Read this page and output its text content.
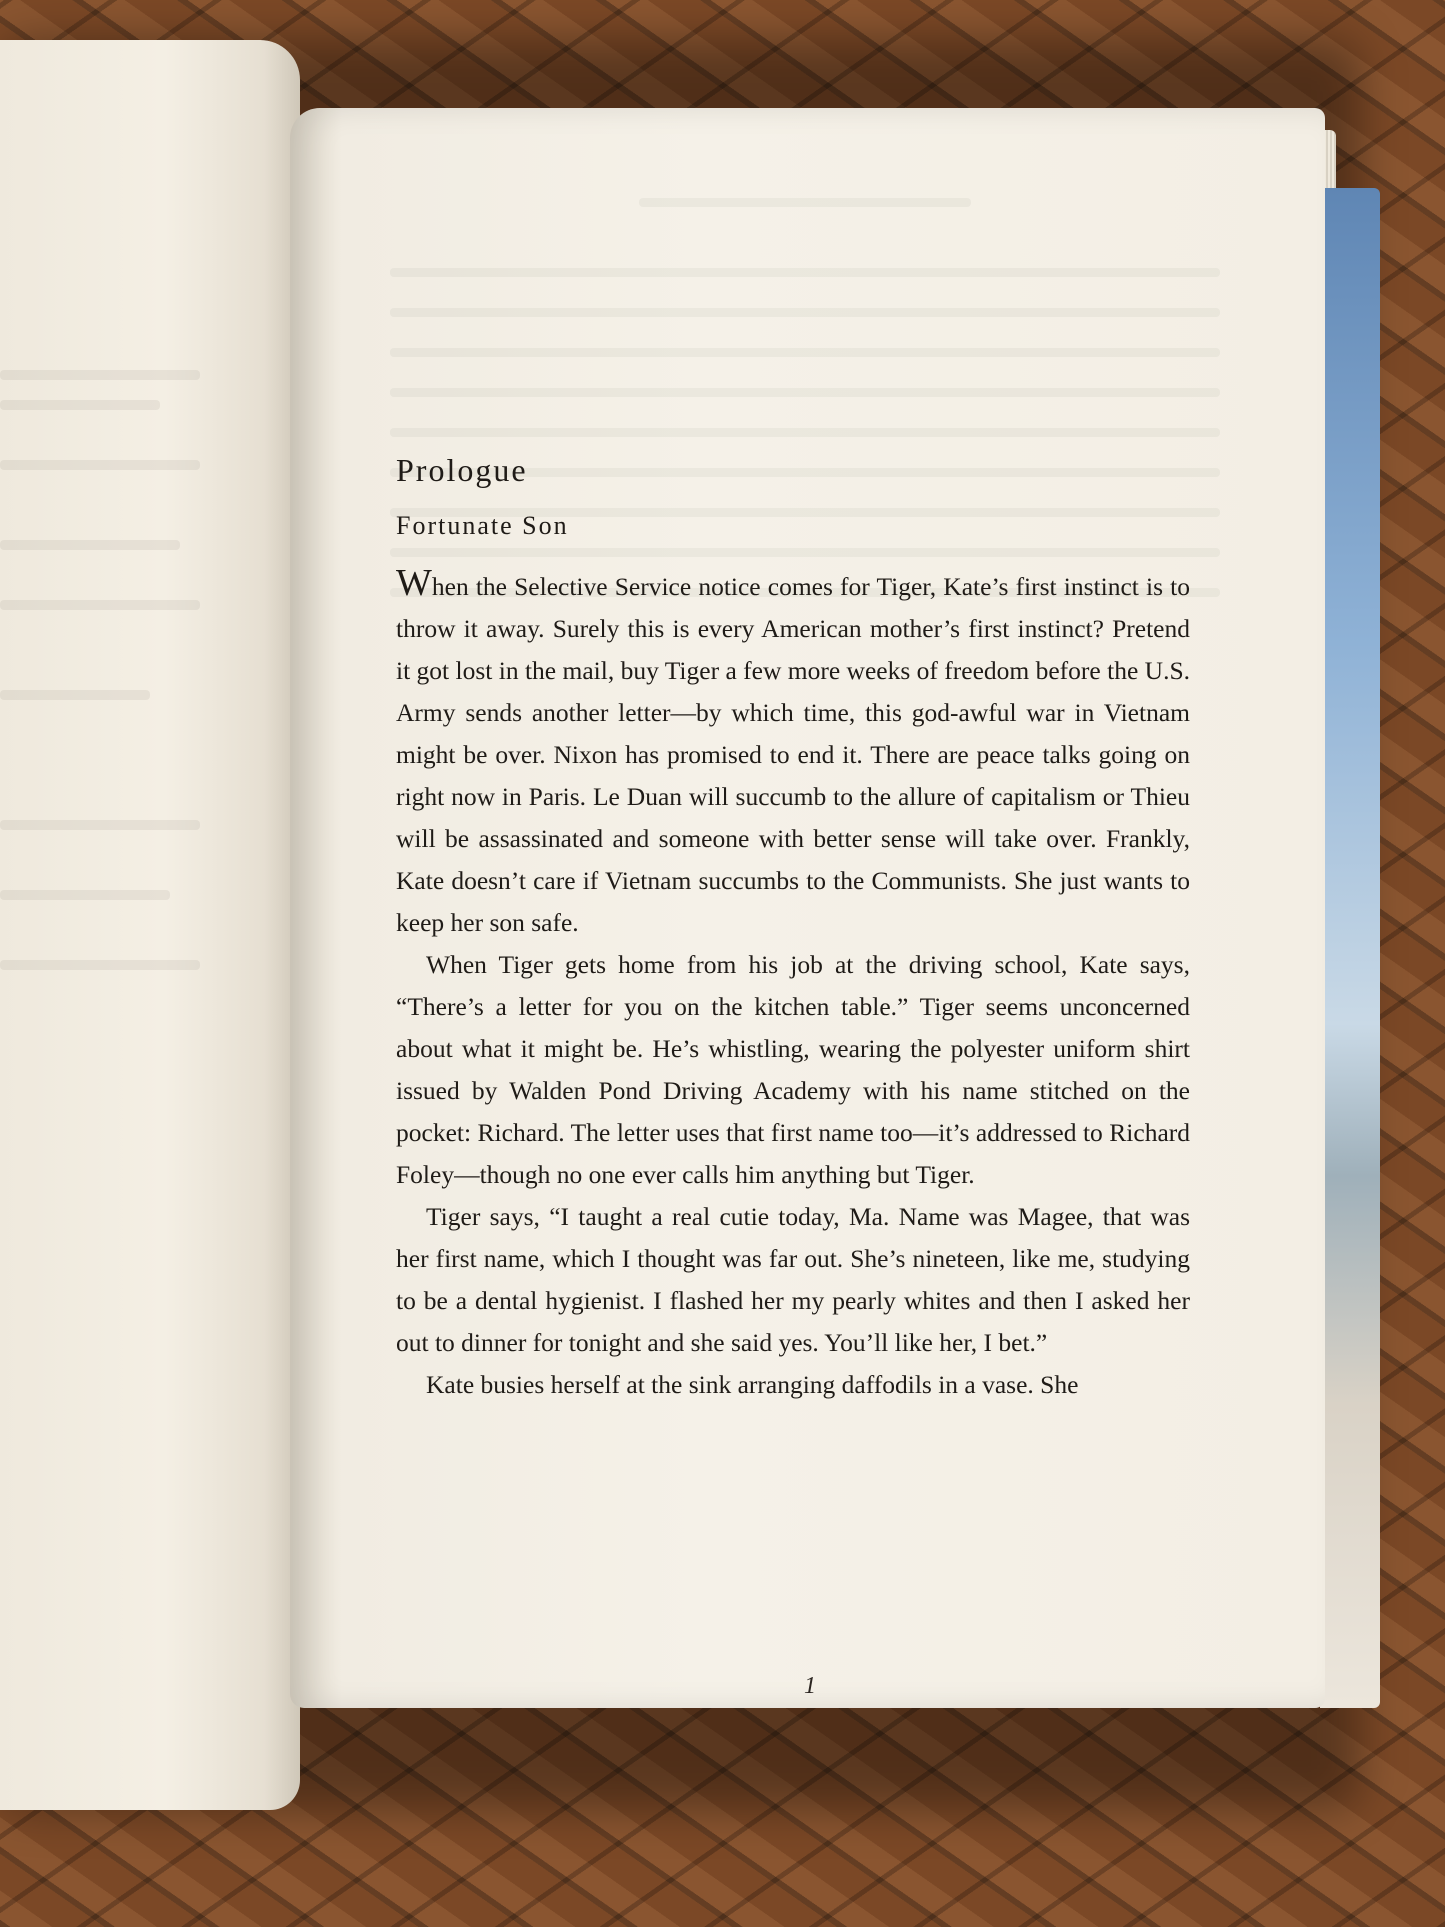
Prologue
Fortunate Son

When the Selective Service notice comes for Tiger, Kate’s first instinct is to throw it away. Surely this is every American mother’s first instinct? Pretend it got lost in the mail, buy Tiger a few more weeks of freedom before the U.S. Army sends another letter—by which time, this god-awful war in Vietnam might be over. Nixon has promised to end it. There are peace talks going on right now in Paris. Le Duan will succumb to the allure of capitalism or Thieu will be assassinated and someone with better sense will take over. Frankly, Kate doesn’t care if Vietnam succumbs to the Communists. She just wants to keep her son safe.

When Tiger gets home from his job at the driving school, Kate says, “There’s a letter for you on the kitchen table.” Tiger seems unconcerned about what it might be. He’s whistling, wearing the polyester uniform shirt issued by Walden Pond Driving Academy with his name stitched on the pocket: Richard. The letter uses that first name too—it’s addressed to Richard Foley—though no one ever calls him anything but Tiger.

Tiger says, “I taught a real cutie today, Ma. Name was Magee, that was her first name, which I thought was far out. She’s nineteen, like me, studying to be a dental hygienist. I flashed her my pearly whites and then I asked her out to dinner for tonight and she said yes. You’ll like her, I bet.”

Kate busies herself at the sink arranging daffodils in a vase. She

1
